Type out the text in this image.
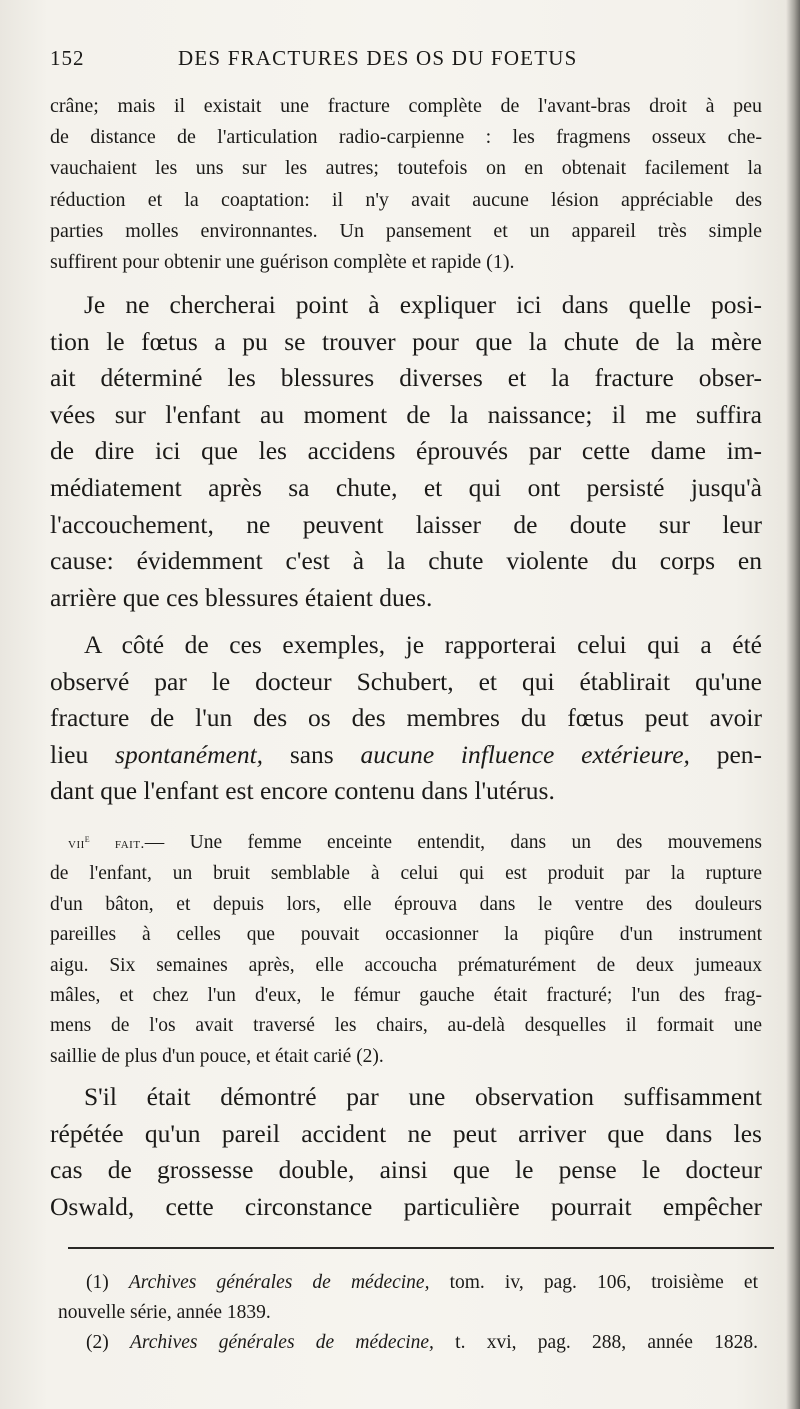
152	DES FRACTURES DES OS DU FOETUS
crâne; mais il existait une fracture complète de l'avant-bras droit à peu
de distance de l'articulation radio-carpienne : les fragmens osseux che-
vauchaient les uns sur les autres; toutefois on en obtenait facilement la
réduction et la coaptation: il n'y avait aucune lésion appréciable des
parties molles environnantes. Un pansement et un appareil très simple
suffirent pour obtenir une guérison complète et rapide (1).
Je ne chercherai point à expliquer ici dans quelle posi-
tion le fœtus a pu se trouver pour que la chute de la mère
ait déterminé les blessures diverses et la fracture obser-
vées sur l'enfant au moment de la naissance; il me suffira
de dire ici que les accidens éprouvés par cette dame im-
médiatement après sa chute, et qui ont persisté jusqu'à
l'accouchement, ne peuvent laisser de doute sur leur
cause: évidemment c'est à la chute violente du corps en
arrière que ces blessures étaient dues.
A côté de ces exemples, je rapporterai celui qui a été
observé par le docteur Schubert, et qui établirait qu'une
fracture de l'un des os des membres du fœtus peut avoir
lieu spontanément, sans aucune influence extérieure, pen-
dant que l'enfant est encore contenu dans l'utérus.
vii$^e$ fait.— Une femme enceinte entendit, dans un des mouvemens
de l'enfant, un bruit semblable à celui qui est produit par la rupture
d'un bâton, et depuis lors, elle éprouva dans le ventre des douleurs
pareilles à celles que pouvait occasionner la piqûre d'un instrument
aigu. Six semaines après, elle accoucha prématurément de deux jumeaux
mâles, et chez l'un d'eux, le fémur gauche était fracturé; l'un des frag-
mens de l'os avait traversé les chairs, au-delà desquelles il formait une
saillie de plus d'un pouce, et était carié (2).
S'il était démontré par une observation suffisamment
répétée qu'un pareil accident ne peut arriver que dans les
cas de grossesse double, ainsi que le pense le docteur
Oswald, cette circonstance particulière pourrait empêcher
(1) Archives générales de médecine, tom. iv, pag. 106, troisième et
nouvelle série, année 1839.
(2) Archives générales de médecine, t. xvi, pag. 288, année 1828.
